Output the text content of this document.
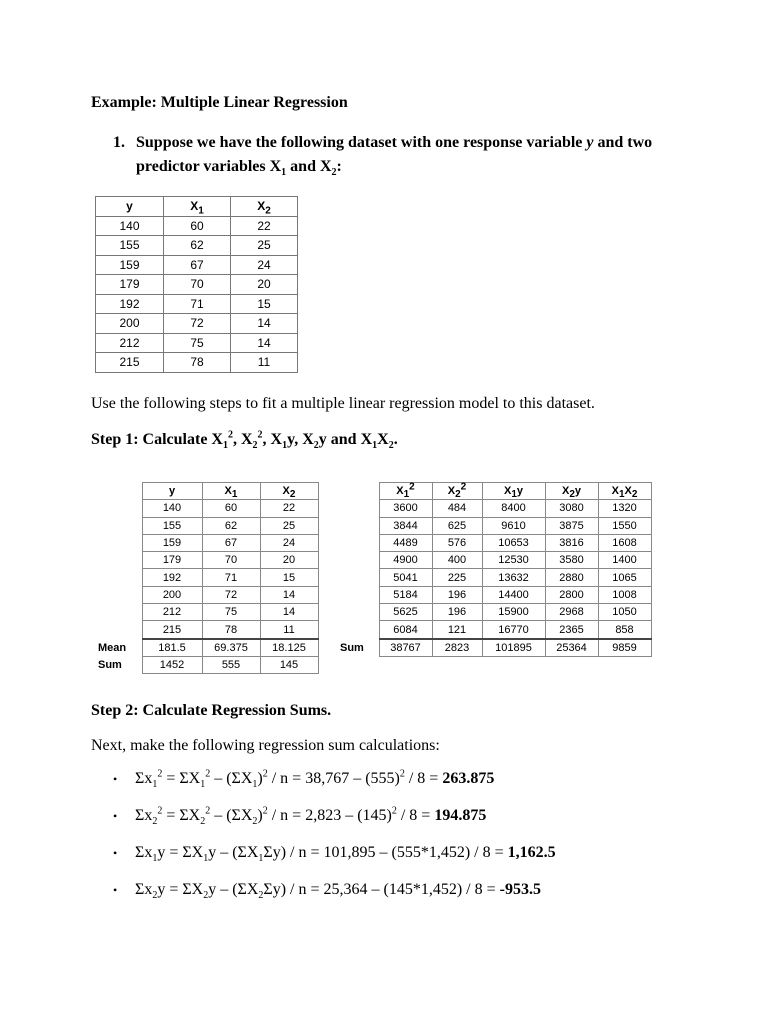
Example: Multiple Linear Regression
1. Suppose we have the following dataset with one response variable y and two predictor variables $X_1$ and $X_2$:
y	$X_1$	$X_2$
140	60	22
155	62	25
159	67	24
179	70	20
192	71	15
200	72	14
212	75	14
215	78	11
Use the following steps to fit a multiple linear regression model to this dataset.
Step 1: Calculate $X_1^2$, $X_2^2$, $X_1y$, $X_2y$ and $X_1X_2$.
	y	$X_1$	$X_2$
	140	60	22
	155	62	25
	159	67	24
	179	70	20
	192	71	15
	200	72	14
	212	75	14
	215	78	11
Mean	181.5	69.375	18.125
Sum	1452	555	145
	$X_1^2$	$X_2^2$	$X_1y$	$X_2y$	$X_1X_2$
	3600	484	8400	3080	1320
	3844	625	9610	3875	1550
	4489	576	10653	3816	1608
	4900	400	12530	3580	1400
	5041	225	13632	2880	1065
	5184	196	14400	2800	1008
	5625	196	15900	2968	1050
	6084	121	16770	2365	858
Sum	38767	2823	101895	25364	9859
Step 2: Calculate Regression Sums.
Next, make the following regression sum calculations:
• $\Sigma x_1^2 = \Sigma X_1^2 - (\Sigma X_1)^2 / n = 38,767 - (555)^2 / 8 = 263.875$
• $\Sigma x_2^2 = \Sigma X_2^2 - (\Sigma X_2)^2 / n = 2,823 - (145)^2 / 8 = 194.875$
• $\Sigma x_1y = \Sigma X_1y - (\Sigma X_1\Sigma y) / n = 101,895 - (555*1,452) / 8 = 1,162.5$
• $\Sigma x_2y = \Sigma X_2y - (\Sigma X_2\Sigma y) / n = 25,364 - (145*1,452) / 8 = -953.5$
